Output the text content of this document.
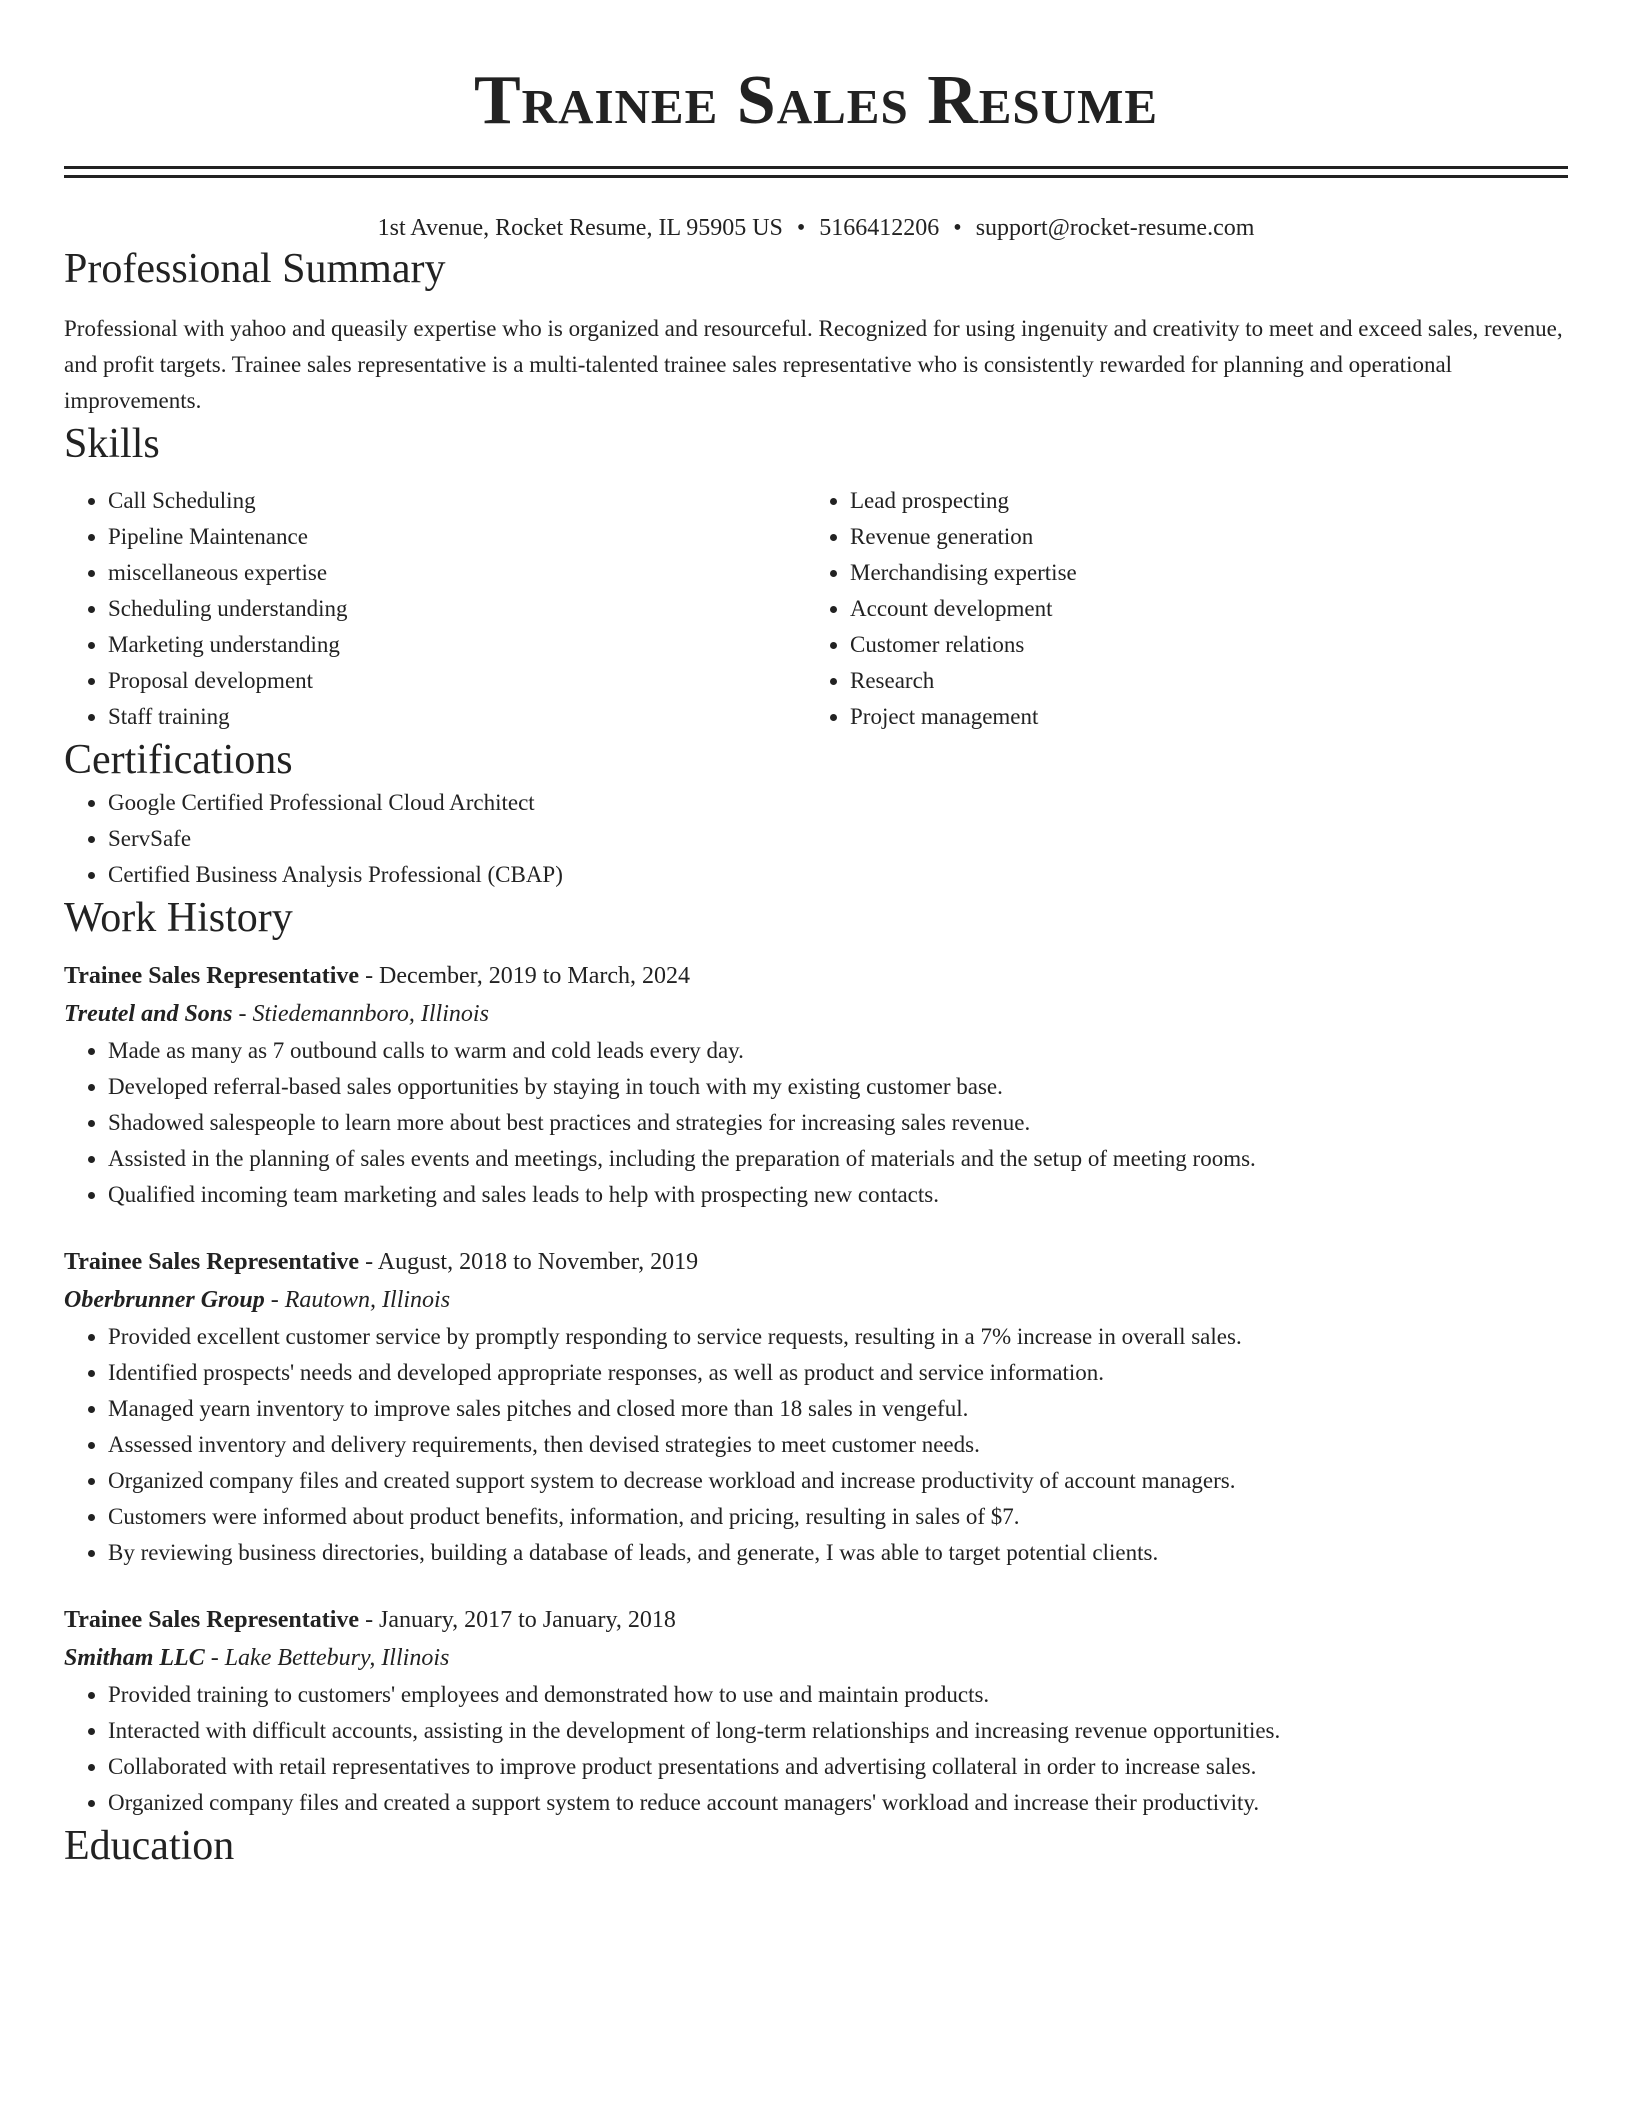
Trainee Sales Resume
1st Avenue, Rocket Resume, IL 95905 US • 5166412206 • support@rocket-resume.com
Professional Summary

Professional with yahoo and queasily expertise who is organized and resourceful. Recognized for using ingenuity and creativity to meet and exceed sales, revenue, and profit targets. Trainee sales representative is a multi-talented trainee sales representative who is consistently rewarded for planning and operational improvements.

Skills
• Call Scheduling
• Pipeline Maintenance
• miscellaneous expertise
• Scheduling understanding
• Marketing understanding
• Proposal development
• Staff training
• Lead prospecting
• Revenue generation
• Merchandising expertise
• Account development
• Customer relations
• Research
• Project management
Certifications
• Google Certified Professional Cloud Architect
• ServSafe
• Certified Business Analysis Professional (CBAP)
Work History
Trainee Sales Representative - December, 2019 to March, 2024
Treutel and Sons - Stiedemannboro, Illinois
• Made as many as 7 outbound calls to warm and cold leads every day.
• Developed referral-based sales opportunities by staying in touch with my existing customer base.
• Shadowed salespeople to learn more about best practices and strategies for increasing sales revenue.
• Assisted in the planning of sales events and meetings, including the preparation of materials and the setup of meeting rooms.
• Qualified incoming team marketing and sales leads to help with prospecting new contacts.
Trainee Sales Representative - August, 2018 to November, 2019
Oberbrunner Group - Rautown, Illinois
• Provided excellent customer service by promptly responding to service requests, resulting in a 7% increase in overall sales.
• Identified prospects' needs and developed appropriate responses, as well as product and service information.
• Managed yearn inventory to improve sales pitches and closed more than 18 sales in vengeful.
• Assessed inventory and delivery requirements, then devised strategies to meet customer needs.
• Organized company files and created support system to decrease workload and increase productivity of account managers.
• Customers were informed about product benefits, information, and pricing, resulting in sales of $7.
• By reviewing business directories, building a database of leads, and generate, I was able to target potential clients.
Trainee Sales Representative - January, 2017 to January, 2018
Smitham LLC - Lake Bettebury, Illinois
• Provided training to customers' employees and demonstrated how to use and maintain products.
• Interacted with difficult accounts, assisting in the development of long-term relationships and increasing revenue opportunities.
• Collaborated with retail representatives to improve product presentations and advertising collateral in order to increase sales.
• Organized company files and created a support system to reduce account managers' workload and increase their productivity.
Education
